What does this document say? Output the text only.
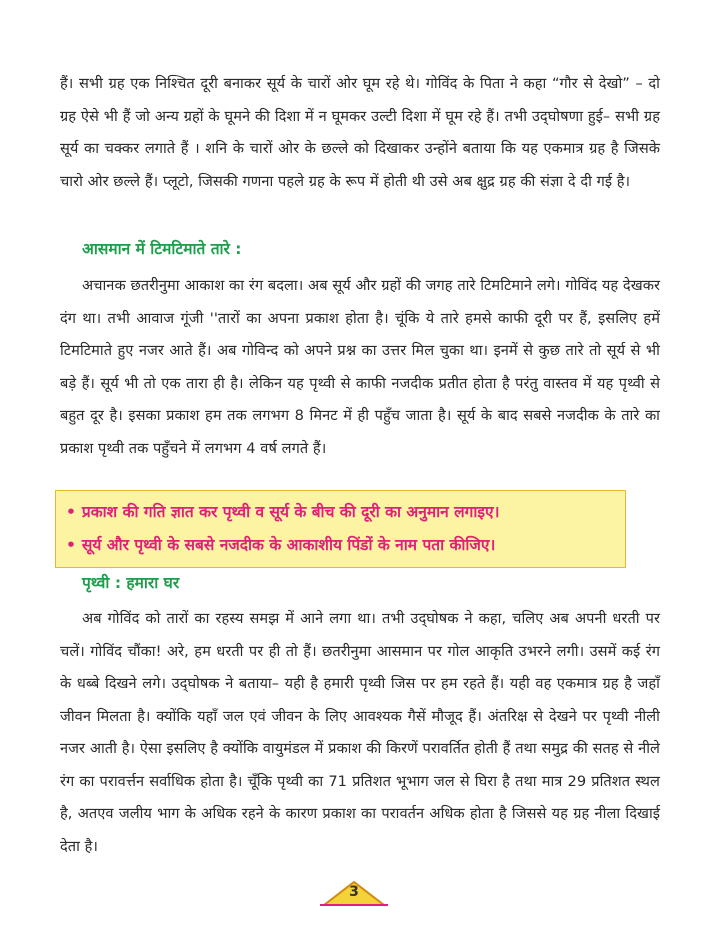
हैं। सभी ग्रह एक निश्चित दूरी बनाकर सूर्य के चारों ओर घूम रहे थे। गोविंद के पिता ने कहा “गौर से देखो” – दो ग्रह ऐसे भी हैं जो अन्य ग्रहों के घूमने की दिशा में न घूमकर उल्टी दिशा में घूम रहे हैं। तभी उद्‌घोषणा हुई– सभी ग्रह सूर्य का चक्कर लगाते हैं । शनि के चारों ओर के छल्ले को दिखाकर उन्होंने बताया कि यह एकमात्र ग्रह है जिसके चारो ओर छल्ले हैं। प्लूटो, जिसकी गणना पहले ग्रह के रूप में होती थी उसे अब क्षुद्र ग्रह की संज्ञा दे दी गई है।

आसमान में टिमटिमाते तारे :

अचानक छतरीनुमा आकाश का रंग बदला। अब सूर्य और ग्रहों की जगह तारे टिमटिमाने लगे। गोविंद यह देखकर दंग था। तभी आवाज गूंजी ''तारों का अपना प्रकाश होता है। चूंकि ये तारे हमसे काफी दूरी पर हैं, इसलिए हमें टिमटिमाते हुए नजर आते हैं। अब गोविन्द को अपने प्रश्न का उत्तर मिल चुका था। इनमें से कुछ तारे तो सूर्य से भी बड़े हैं। सूर्य भी तो एक तारा ही है। लेकिन यह पृथ्वी से काफी नजदीक प्रतीत होता है परंतु वास्तव में यह पृथ्वी से बहुत दूर है। इसका प्रकाश हम तक लगभग 8 मिनट में ही पहुँच जाता है। सूर्य के बाद सबसे नजदीक के तारे का प्रकाश पृथ्वी तक पहुँचने में लगभग 4 वर्ष लगते हैं।

• प्रकाश की गति ज्ञात कर पृथ्वी व सूर्य के बीच की दूरी का अनुमान लगाइए।

• सूर्य और पृथ्वी के सबसे नजदीक के आकाशीय पिंडों के नाम पता कीजिए।

पृथ्वी : हमारा घर

अब गोविंद को तारों का रहस्य समझ में आने लगा था। तभी उद्‌घोषक ने कहा, चलिए अब अपनी धरती पर चलें। गोविंद चौंका! अरे, हम धरती पर ही तो हैं। छतरीनुमा आसमान पर गोल आकृति उभरने लगी। उसमें कई रंग के धब्बे दिखने लगे। उद्‌घोषक ने बताया– यही है हमारी पृथ्वी जिस पर हम रहते हैं। यही वह एकमात्र ग्रह है जहाँ जीवन मिलता है। क्योंकि यहाँ जल एवं जीवन के लिए आवश्यक गैसें मौजूद हैं। अंतरिक्ष से देखने पर पृथ्वी नीली नजर आती है। ऐसा इसलिए है क्योंकि वायुमंडल में प्रकाश की किरणें परावर्तित होती हैं तथा समुद्र की सतह से नीले रंग का परावर्त्तन सर्वाधिक होता है। चूँकि पृथ्वी का 71 प्रतिशत भूभाग जल से घिरा है तथा मात्र 29 प्रतिशत स्थल है, अतएव जलीय भाग के अधिक रहने के कारण प्रकाश का परावर्तन अधिक होता है जिससे यह ग्रह नीला दिखाई देता है।

3
